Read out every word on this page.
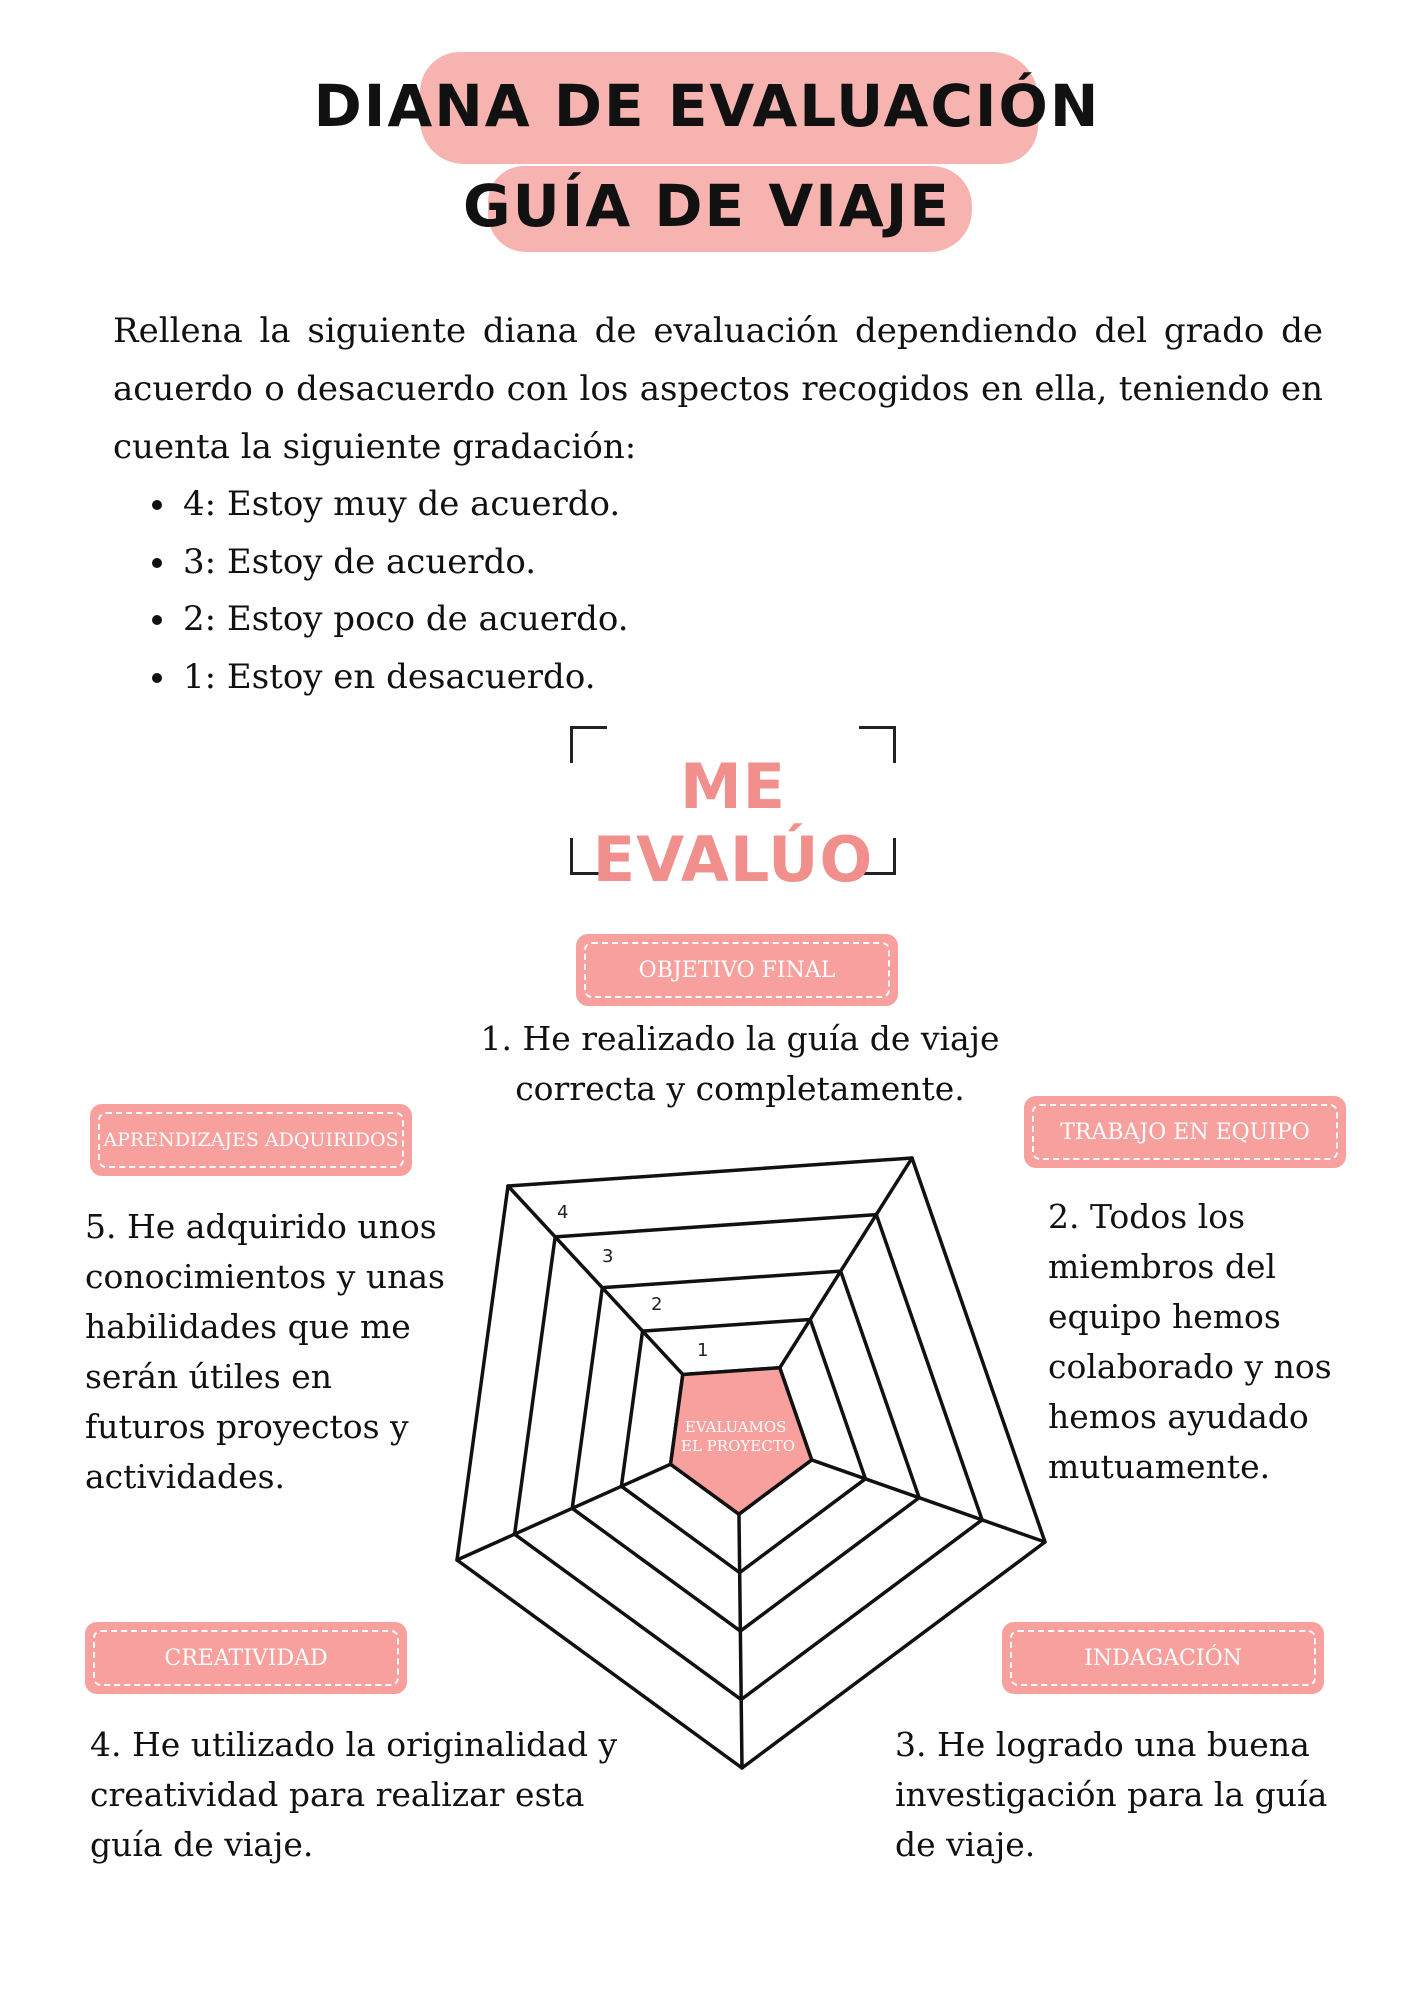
DIANA DE EVALUACIÓN
GUÍA DE VIAJE

Rellena la siguiente diana de evaluación dependiendo del grado de acuerdo o desacuerdo con los aspectos recogidos en ella, teniendo en cuenta la siguiente gradación:

• 4: Estoy muy de acuerdo.
• 3: Estoy de acuerdo.
• 2: Estoy poco de acuerdo.
• 1: Estoy en desacuerdo.
ME EVALÚO
EVALUAMOS EL PROYECTO
1
2
3
4
OBJETIVO FINAL
APRENDIZAJES ADQUIRIDOS	TRABAJO EN EQUIPO
CREATIVIDAD	INDAGACIÓN

1. He realizado la guía de viaje correcta y completamente.

2. Todos los miembros del equipo hemos colaborado y nos hemos ayudado mutuamente.

3. He logrado una buena investigación para la guía de viaje.

4. He utilizado la originalidad y creatividad para realizar esta guía de viaje.

5. He adquirido unos conocimientos y unas habilidades que me serán útiles en futuros proyectos y actividades.
